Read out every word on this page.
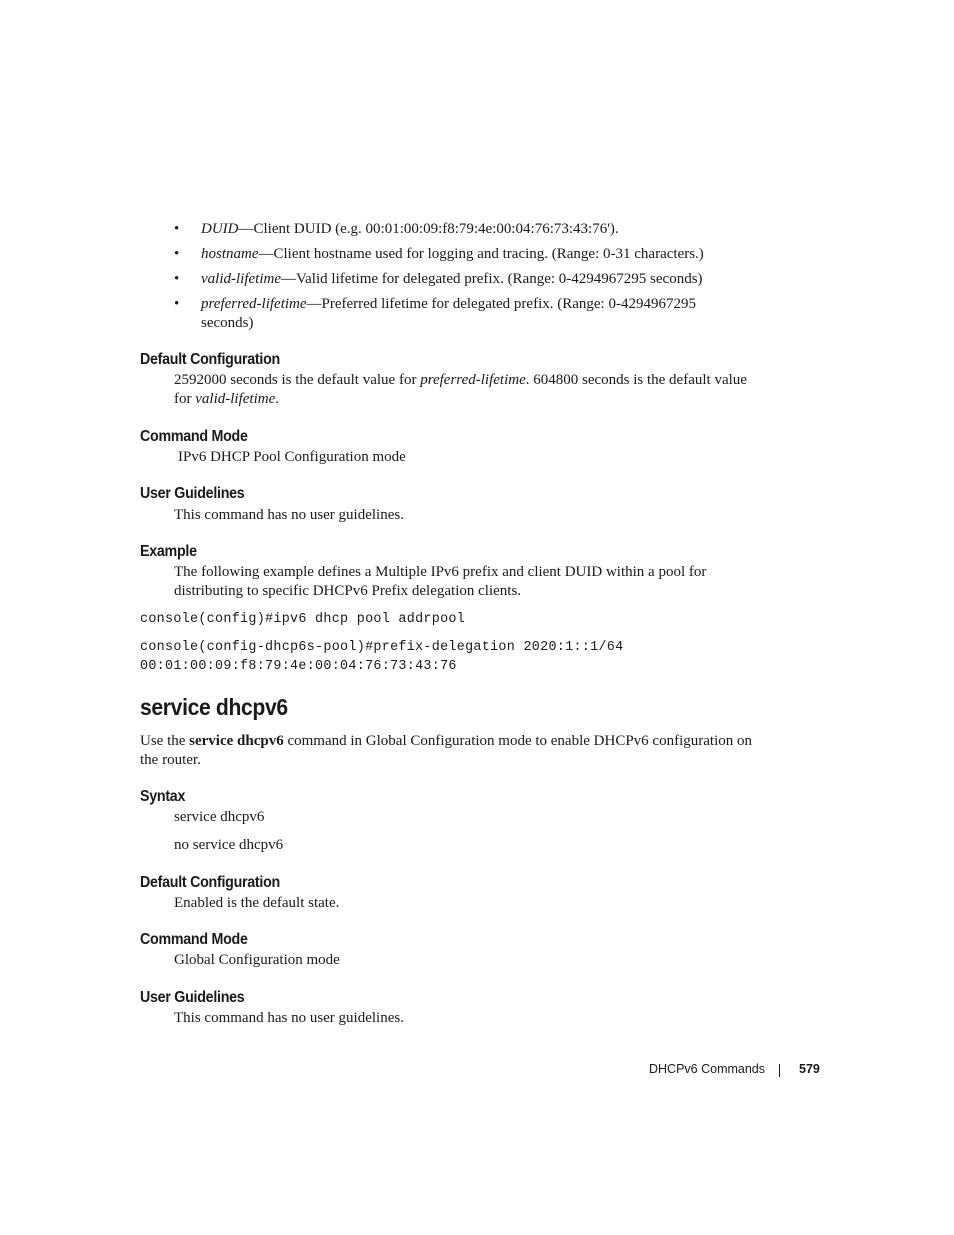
• DUID—Client DUID (e.g. 00:01:00:09:f8:79:4e:00:04:76:73:43:76').
• hostname—Client hostname used for logging and tracing. (Range: 0-31 characters.)
• valid-lifetime—Valid lifetime for delegated prefix. (Range: 0-4294967295 seconds)
• preferred-lifetime—Preferred lifetime for delegated prefix. (Range: 0-4294967295 seconds)
Default Configuration
2592000 seconds is the default value for preferred-lifetime. 604800 seconds is the default value for valid-lifetime.
Command Mode
IPv6 DHCP Pool Configuration mode
User Guidelines
This command has no user guidelines.
Example
The following example defines a Multiple IPv6 prefix and client DUID within a pool for distributing to specific DHCPv6 Prefix delegation clients.
console(config)#ipv6 dhcp pool addrpool
console(config-dhcp6s-pool)#prefix-delegation 2020:1::1/64
00:01:00:09:f8:79:4e:00:04:76:73:43:76
service dhcpv6
Use the service dhcpv6 command in Global Configuration mode to enable DHCPv6 configuration on the router.
Syntax
service dhcpv6
no service dhcpv6
Default Configuration
Enabled is the default state.
Command Mode
Global Configuration mode
User Guidelines
This command has no user guidelines.
DHCPv6 Commands	579
